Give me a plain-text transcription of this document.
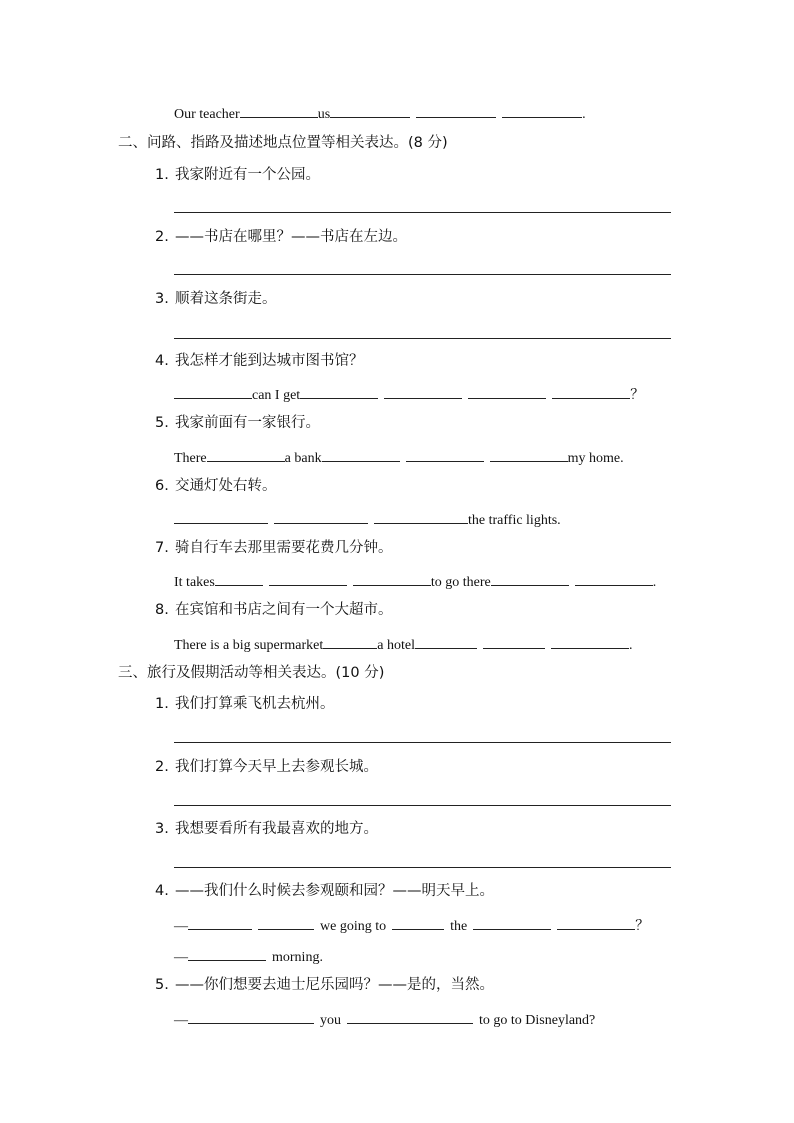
Our teacher	us	.
二、问路、指路及描述地点位置等相关表达。(8 分)
1. 我家附近有一个公园。
2. ——书店在哪里？——书店在左边。
3. 顺着这条街走。
4. 我怎样才能到达城市图书馆？
can I get	？
5. 我家前面有一家银行。
There	a bank	my home.
6. 交通灯处右转。
the traffic lights.
7. 骑自行车去那里需要花费几分钟。
It takes	to go there	.
8. 在宾馆和书店之间有一个大超市。
There is a big supermarket	a hotel	.
三、旅行及假期活动等相关表达。(10 分)
1. 我们打算乘飞机去杭州。
2. 我们打算今天早上去参观长城。
3. 我想要看所有我最喜欢的地方。
4. ——我们什么时候去参观颐和园？——明天早上。
—	we going to	the	？
—	morning.
5. ——你们想要去迪士尼乐园吗？——是的，当然。
—	you	to go to Disneyland?
